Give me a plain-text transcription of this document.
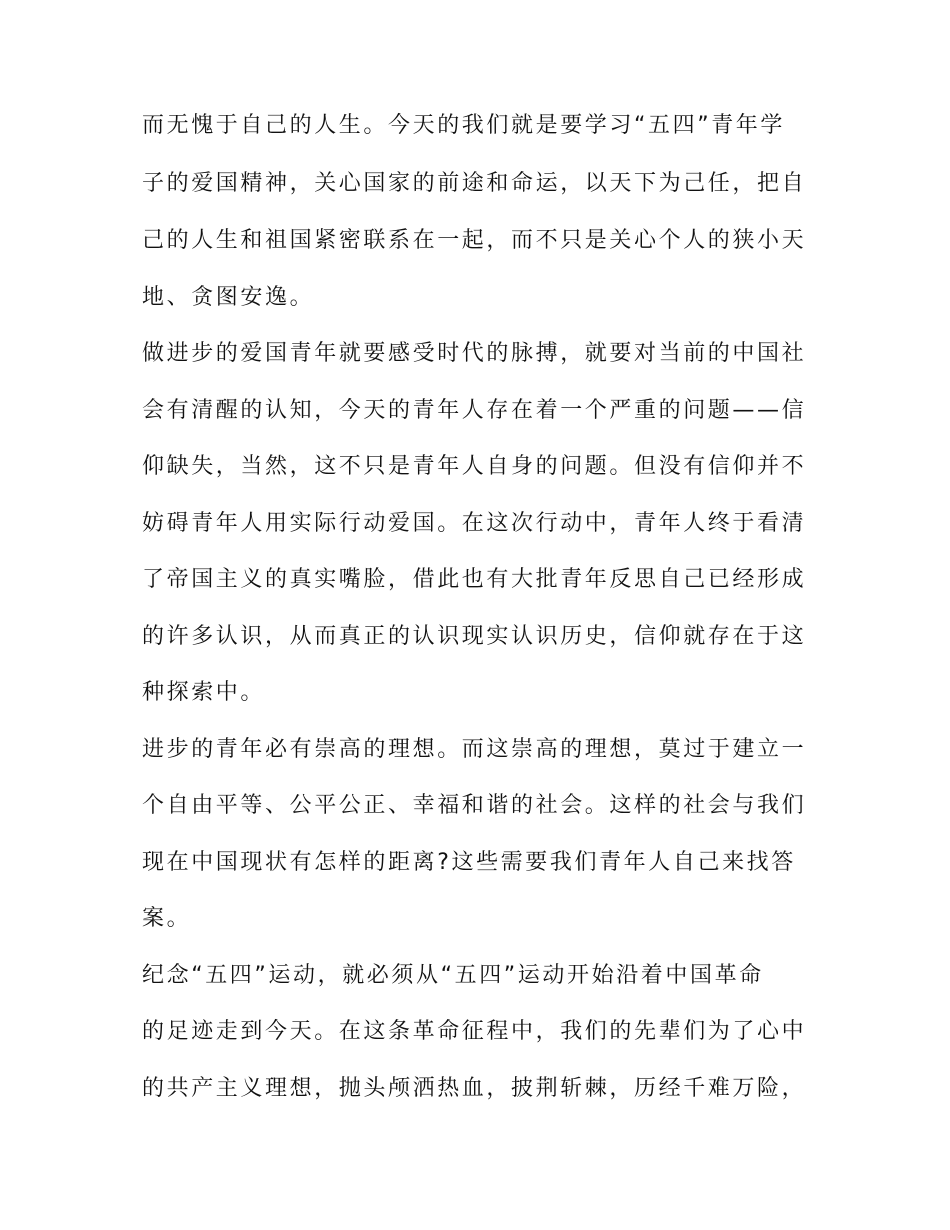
而无愧于自己的人生。今天的我们就是要学习“五四”青年学
子的爱国精神，关心国家的前途和命运，以天下为己任，把自
己的人生和祖国紧密联系在一起，而不只是关心个人的狭小天
地、贪图安逸。
做进步的爱国青年就要感受时代的脉搏，就要对当前的中国社
会有清醒的认知，今天的青年人存在着一个严重的问题——信
仰缺失，当然，这不只是青年人自身的问题。但没有信仰并不
妨碍青年人用实际行动爱国。在这次行动中，青年人终于看清
了帝国主义的真实嘴脸，借此也有大批青年反思自己已经形成
的许多认识，从而真正的认识现实认识历史，信仰就存在于这
种探索中。
进步的青年必有崇高的理想。而这崇高的理想，莫过于建立一
个自由平等、公平公正、幸福和谐的社会。这样的社会与我们
现在中国现状有怎样的距离?这些需要我们青年人自己来找答
案。
纪念“五四”运动，就必须从“五四”运动开始沿着中国革命
的足迹走到今天。在这条革命征程中，我们的先辈们为了心中
的共产主义理想，抛头颅洒热血，披荆斩棘，历经千难万险，
